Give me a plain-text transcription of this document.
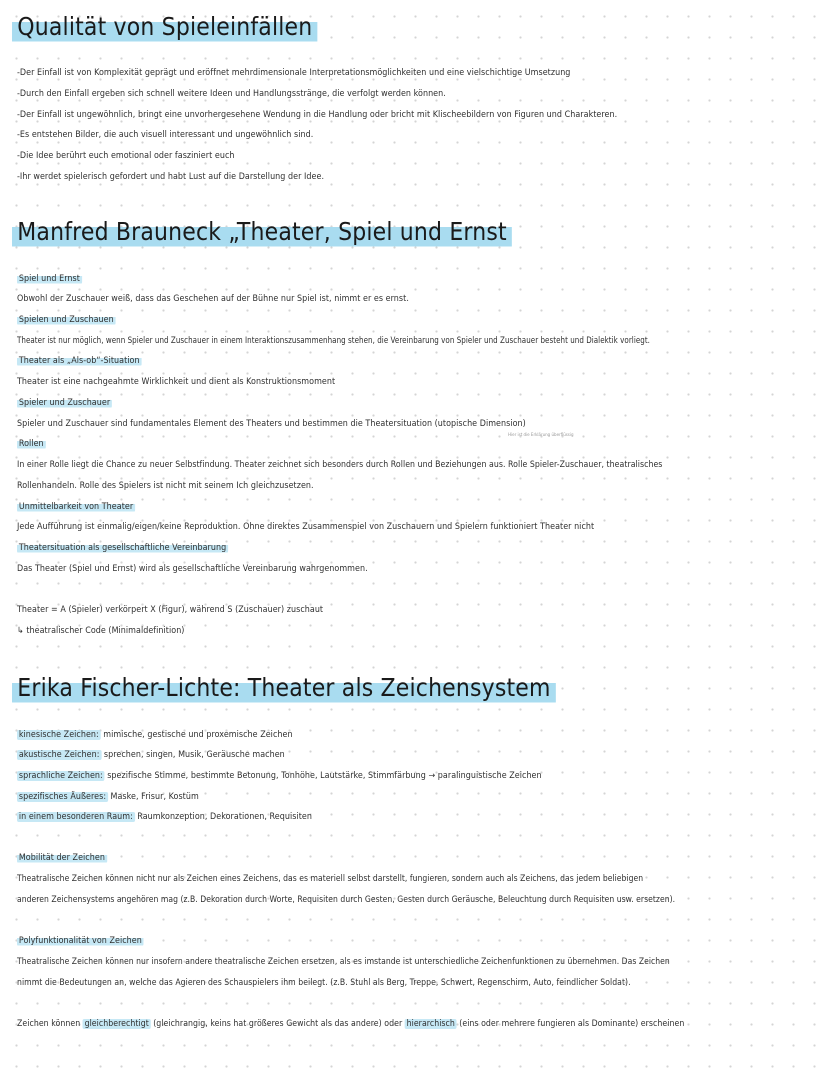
Qualität von Spieleinfällen
-Der Einfall ist von Komplexität geprägt und eröffnet mehrdimensionale Interpretationsmöglichkeiten und eine vielschichtige Umsetzung
-Durch den Einfall ergeben sich schnell weitere Ideen und Handlungsstränge, die verfolgt werden können.
-Der Einfall ist ungewöhnlich, bringt eine unvorhergesehene Wendung in die Handlung oder bricht mit Klischeebildern von Figuren und Charakteren.
-Es entstehen Bilder, die auch visuell interessant und ungewöhnlich sind.
-Die Idee berührt euch emotional oder fasziniert euch
-Ihr werdet spielerisch gefordert und habt Lust auf die Darstellung der Idee.
Manfred Brauneck „Theater, Spiel und Ernst
Spiel und Ernst
Obwohl der Zuschauer weiß, dass das Geschehen auf der Bühne nur Spiel ist, nimmt er es ernst.
Spielen und Zuschauen
Theater ist nur möglich, wenn Spieler und Zuschauer in einem Interaktionszusammenhang stehen, die Vereinbarung von Spieler und Zuschauer besteht und Dialektik vorliegt.
Theater als „Als-ob“-Situation
Theater ist eine nachgeahmte Wirklichkeit und dient als Konstruktionsmoment
Spieler und Zuschauer
Spieler und Zuschauer sind fundamentales Element des Theaters und bestimmen die Theatersituation (utopische Dimension)
Hier ist die Erklärung überflüssig
Rollen
In einer Rolle liegt die Chance zu neuer Selbstfindung. Theater zeichnet sich besonders durch Rollen und Beziehungen aus. Rolle Spieler-Zuschauer, theatralisches
Rollenhandeln. Rolle des Spielers ist nicht mit seinem Ich gleichzusetzen.
Unmittelbarkeit von Theater
Jede Aufführung ist einmalig/eigen/keine Reproduktion. Ohne direktes Zusammenspiel von Zuschauern und Spielern funktioniert Theater nicht
Theatersituation als gesellschaftliche Vereinbarung
Das Theater (Spiel und Ernst) wird als gesellschaftliche Vereinbarung wahrgenommen.
Theater = A (Spieler) verkörpert X (Figur), während S (Zuschauer) zuschaut
↳ theatralischer Code (Minimaldefinition)
Erika Fischer-Lichte: Theater als Zeichensystem
kinesische Zeichen: mimische, gestische und proxemische Zeichen
akustische Zeichen: sprechen, singen, Musik, Geräusche machen
sprachliche Zeichen: spezifische Stimme, bestimmte Betonung, Tonhöhe, Lautstärke, Stimmfärbung → paralinguistische Zeichen
spezifisches Äußeres: Maske, Frisur, Kostüm
in einem besonderen Raum: Raumkonzeption, Dekorationen, Requisiten
Mobilität der Zeichen
Theatralische Zeichen können nicht nur als Zeichen eines Zeichens, das es materiell selbst darstellt, fungieren, sondern auch als Zeichens, das jedem beliebigen
anderen Zeichensystems angehören mag (z.B. Dekoration durch Worte, Requisiten durch Gesten, Gesten durch Geräusche, Beleuchtung durch Requisiten usw. ersetzen).
Polyfunktionalität von Zeichen
Theatralische Zeichen können nur insofern andere theatralische Zeichen ersetzen, als es imstande ist unterschiedliche Zeichenfunktionen zu übernehmen. Das Zeichen
nimmt die Bedeutungen an, welche das Agieren des Schauspielers ihm beilegt. (z.B. Stuhl als Berg, Treppe, Schwert, Regenschirm, Auto, feindlicher Soldat).
Zeichen können gleichberechtigt (gleichrangig, keins hat größeres Gewicht als das andere) oder hierarchisch (eins oder mehrere fungieren als Dominante) erscheinen
